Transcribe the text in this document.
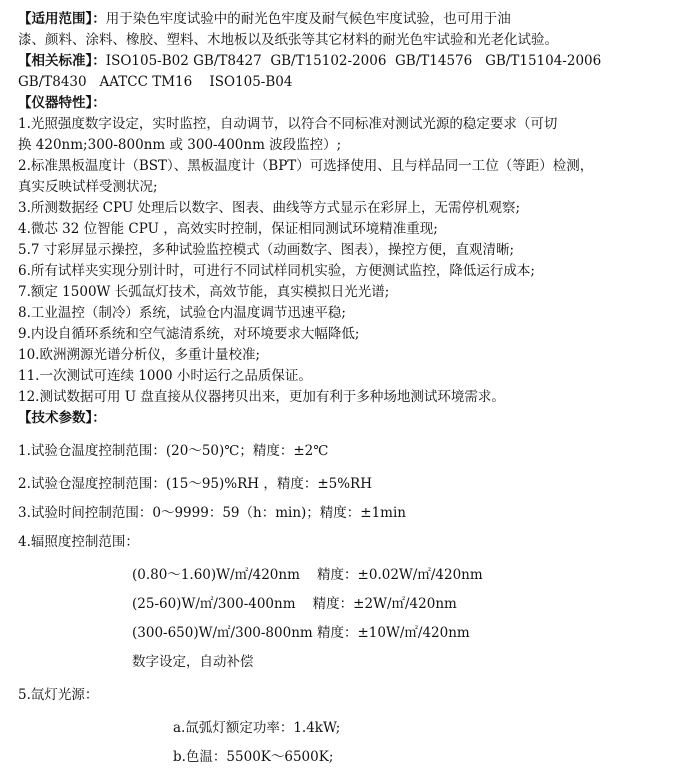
【适用范围】：用于染色牢度试验中的耐光色牢度及耐气候色牢度试验，也可用于油
漆、颜料、涂料、橡胶、塑料、木地板以及纸张等其它材料的耐光色牢试验和光老化试验。
【相关标准】：ISO105-B02 GB/T8427  GB/T15102-2006  GB/T14576   GB/T15104-2006
GB/T8430   AATCC TM16    ISO105-B04
【仪器特性】：
1.光照强度数字设定，实时监控，自动调节，以符合不同标准对测试光源的稳定要求（可切
换 420nm;300-800nm 或 300-400nm 波段监控）;
2.标准黑板温度计（BST）、黑板温度计（BPT）可选择使用、且与样品同一工位（等距）检测，
真实反映试样受测状况;
3.所测数据经 CPU 处理后以数字、图表、曲线等方式显示在彩屏上，无需停机观察;
4.微芯 32 位智能 CPU ，高效实时控制，保证相同测试环境精准重现;
5.7 寸彩屏显示操控，多种试验监控模式（动画数字、图表），操控方便，直观清晰;
6.所有试样夹实现分别计时，可进行不同试样同机实验，方便测试监控，降低运行成本;
7.额定 1500W 长弧氙灯技术，高效节能，真实模拟日光光谱;
8.工业温控（制冷）系统，试验仓内温度调节迅速平稳;
9.内设自循环系统和空气滤清系统，对环境要求大幅降低;
10.欧洲溯源光谱分析仪，多重计量校准;
11.一次测试可连续 1000 小时运行之品质保证。
12.测试数据可用 U 盘直接从仪器拷贝出来，更加有利于多种场地测试环境需求。
【技术参数】：
1.试验仓温度控制范围：(20～50)℃；精度：±2℃
2.试验仓湿度控制范围：(15～95)%RH ，精度：±5%RH
3.试验时间控制范围：0～9999：59（h：min)；精度：±1min
4.辐照度控制范围：
(0.80～1.60)W/㎡/420nm    精度：±0.02W/㎡/420nm
(25-60)W/㎡/300-400nm    精度：±2W/㎡/420nm
(300-650)W/㎡/300-800nm 精度：±10W/㎡/420nm
数字设定，自动补偿
5.氙灯光源：
a.氙弧灯额定功率：1.4kW;
b.色温：5500K～6500K;
